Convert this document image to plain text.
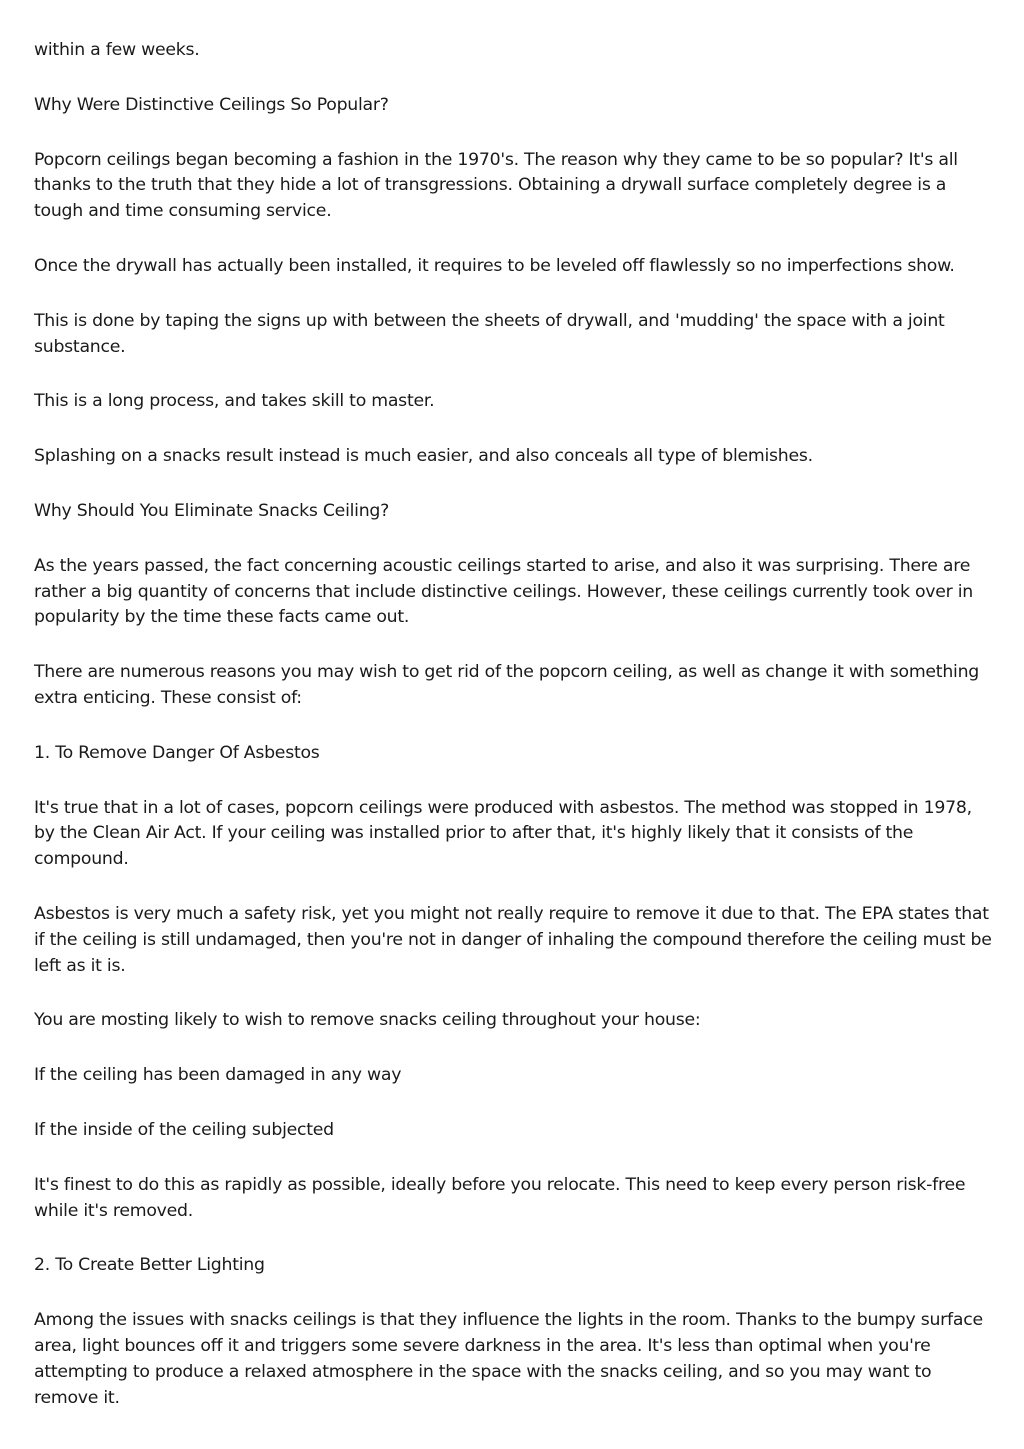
within a few weeks.

Why Were Distinctive Ceilings So Popular?

Popcorn ceilings began becoming a fashion in the 1970's. The reason why they came to be so popular? It's all thanks to the truth that they hide a lot of transgressions. Obtaining a drywall surface completely degree is a tough and time consuming service.

Once the drywall has actually been installed, it requires to be leveled off flawlessly so no imperfections show.

This is done by taping the signs up with between the sheets of drywall, and 'mudding' the space with a joint substance.

This is a long process, and takes skill to master.

Splashing on a snacks result instead is much easier, and also conceals all type of blemishes.

Why Should You Eliminate Snacks Ceiling?

As the years passed, the fact concerning acoustic ceilings started to arise, and also it was surprising. There are rather a big quantity of concerns that include distinctive ceilings. However, these ceilings currently took over in popularity by the time these facts came out.

There are numerous reasons you may wish to get rid of the popcorn ceiling, as well as change it with something extra enticing. These consist of:

1. To Remove Danger Of Asbestos

It's true that in a lot of cases, popcorn ceilings were produced with asbestos. The method was stopped in 1978, by the Clean Air Act. If your ceiling was installed prior to after that, it's highly likely that it consists of the compound.

Asbestos is very much a safety risk, yet you might not really require to remove it due to that. The EPA states that if the ceiling is still undamaged, then you're not in danger of inhaling the compound therefore the ceiling must be left as it is.

You are mosting likely to wish to remove snacks ceiling throughout your house:

If the ceiling has been damaged in any way

If the inside of the ceiling subjected

It's finest to do this as rapidly as possible, ideally before you relocate. This need to keep every person risk-free while it's removed.

2. To Create Better Lighting

Among the issues with snacks ceilings is that they influence the lights in the room. Thanks to the bumpy surface area, light bounces off it and triggers some severe darkness in the area. It's less than optimal when you're attempting to produce a relaxed atmosphere in the space with the snacks ceiling, and so you may want to remove it.
